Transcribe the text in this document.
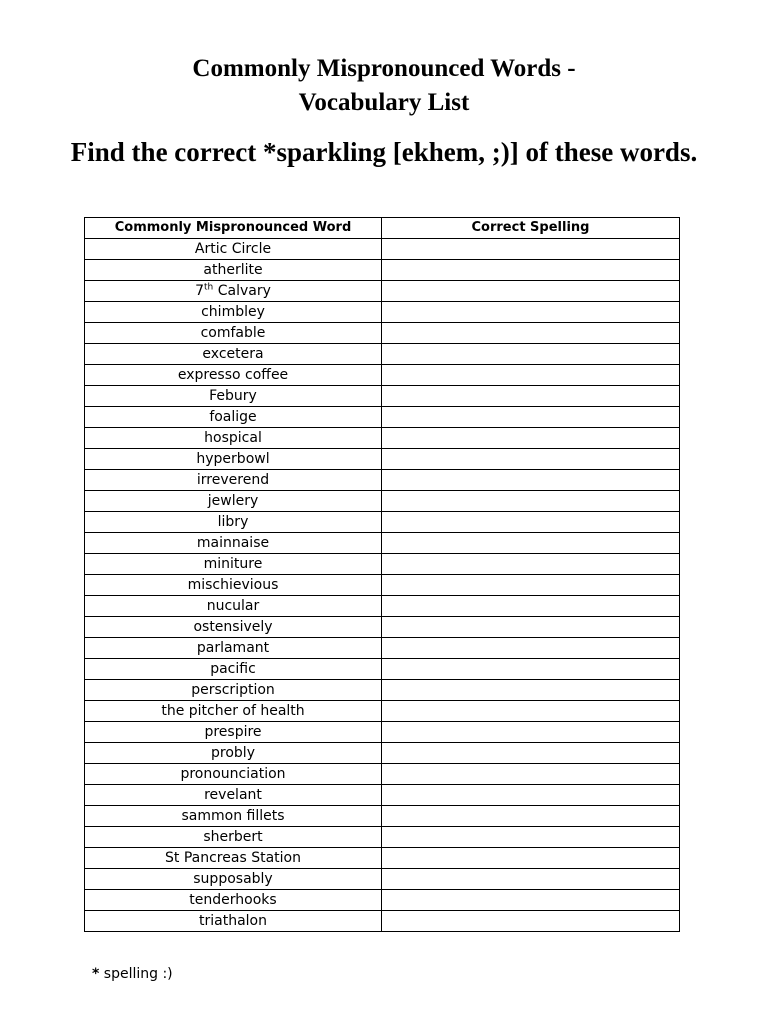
Commonly Mispronounced Words -
Vocabulary List
Find the correct *sparkling [ekhem, ;)] of these words.
Commonly Mispronounced Word	Correct Spelling
Artic Circle	
atherlite	
7th Calvary	
chimbley	
comfable	
excetera	
expresso coffee	
Febury	
foalige	
hospical	
hyperbowl	
irreverend	
jewlery	
libry	
mainnaise	
miniture	
mischievious	
nucular	
ostensively	
parlamant	
pacific	
perscription	
the pitcher of health	
prespire	
probly	
pronounciation	
revelant	
sammon fillets	
sherbert	
St Pancreas Station	
supposably	
tenderhooks	
triathalon	
* spelling :)
